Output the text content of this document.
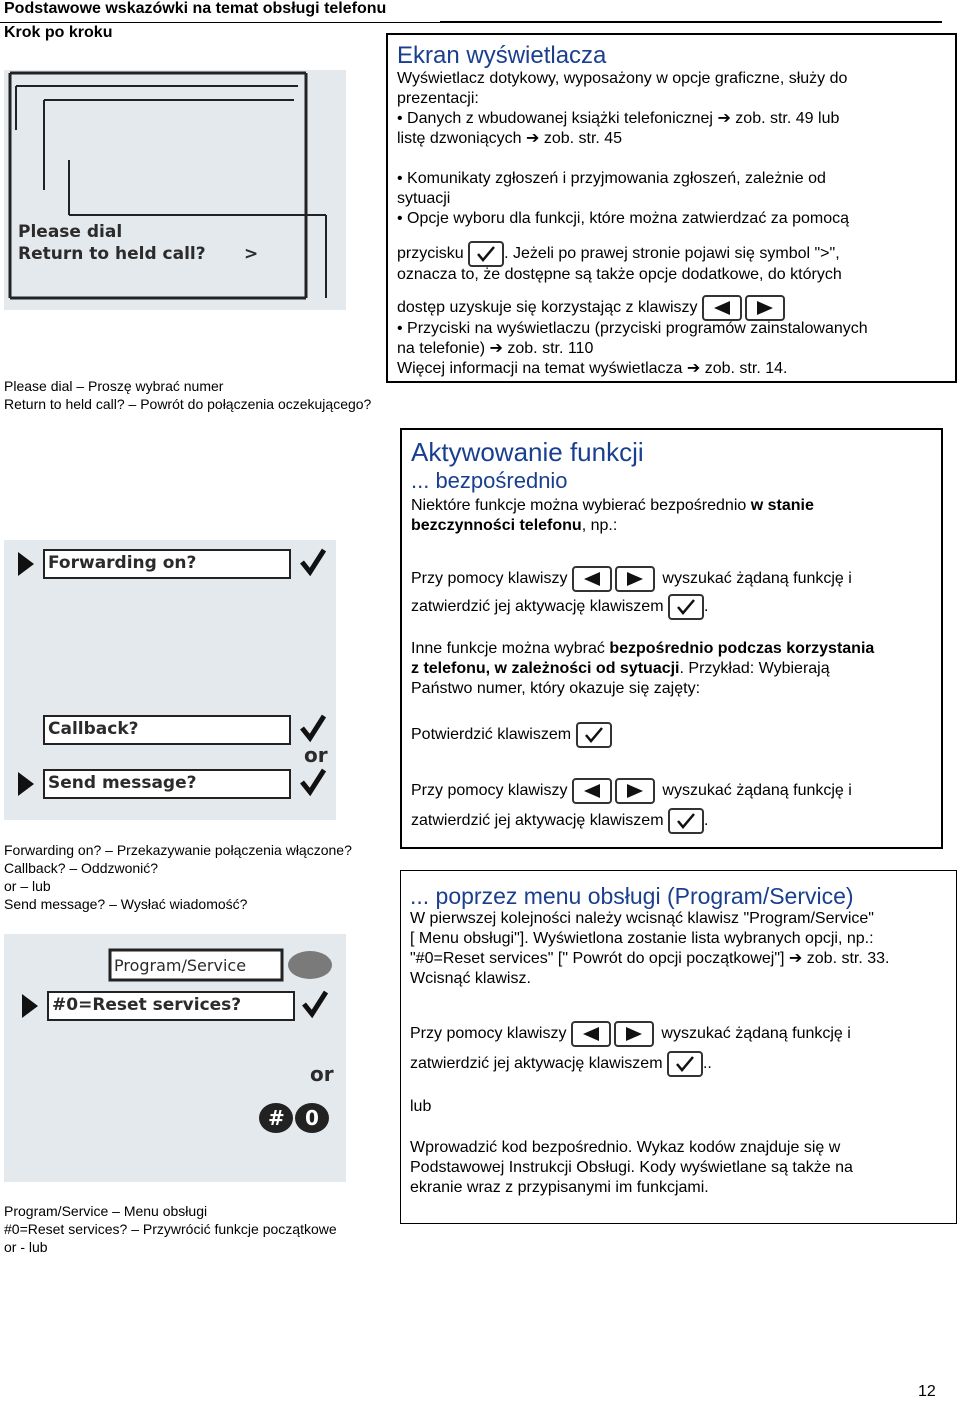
Podstawowe wskazówki na temat obsługi telefonu
Krok po kroku
Please dial
Return to held call? >
Please dial – Proszę wybrać numer
Return to held call? – Powrót do połączenia oczekującego?
Forwarding on?
Callback?
or
Send message?
Forwarding on? – Przekazywanie połączenia włączone?
Callback? – Oddzwonić?
or – lub
Send message? – Wysłać wiadomość?
Program/Service
#0=Reset services?
or
# 0
Program/Service – Menu obsługi
#0=Reset services? – Przywrócić funkcje początkowe
or - lub
Ekran wyświetlacza
Wyświetlacz dotykowy, wyposażony w opcje graficzne, służy do
prezentacji:
• Danych z wbudowanej książki telefonicznej ➔ zob. str. 49 lub
listę dzwoniących ➔ zob. str. 45
• Komunikaty zgłoszeń i przyjmowania zgłoszeń, zależnie od
sytuacji
• Opcje wyboru dla funkcji, które można zatwierdzać za pomocą
przycisku	. Jeżeli po prawej stronie pojawi się symbol ">",
oznacza to, że dostępne są także opcje dodatkowe, do których
dostęp uzyskuje się korzystając z klawiszy
• Przyciski na wyświetlaczu (przyciski programów zainstalowanych
na telefonie) ➔ zob. str. 110
Więcej informacji na temat wyświetlacza ➔ zob. str. 14.
Aktywowanie funkcji
... bezpośrednio
Niektóre funkcje można wybierać bezpośrednio w stanie
bezczynności telefonu, np.:
Przy pomocy klawiszy	wyszukać żądaną funkcję i
zatwierdzić jej aktywację klawiszem	.
Inne funkcje można wybrać bezpośrednio podczas korzystania
z telefonu, w zależności od sytuacji. Przykład: Wybierają
Państwo numer, który okazuje się zajęty:
Potwierdzić klawiszem
Przy pomocy klawiszy	wyszukać żądaną funkcję i
zatwierdzić jej aktywację klawiszem	.
... poprzez menu obsługi (Program/Service)
W pierwszej kolejności należy wcisnąć klawisz "Program/Service"
[ Menu obsługi"]. Wyświetlona zostanie lista wybranych opcji, np.:
"#0=Reset services" [" Powrót do opcji początkowej"] ➔ zob. str. 33.
Wcisnąć klawisz.
Przy pomocy klawiszy	wyszukać żądaną funkcję i
zatwierdzić jej aktywację klawiszem	..
lub
Wprowadzić kod bezpośrednio. Wykaz kodów znajduje się w
Podstawowej Instrukcji Obsługi. Kody wyświetlane są także na
ekranie wraz z przypisanymi im funkcjami.
12
